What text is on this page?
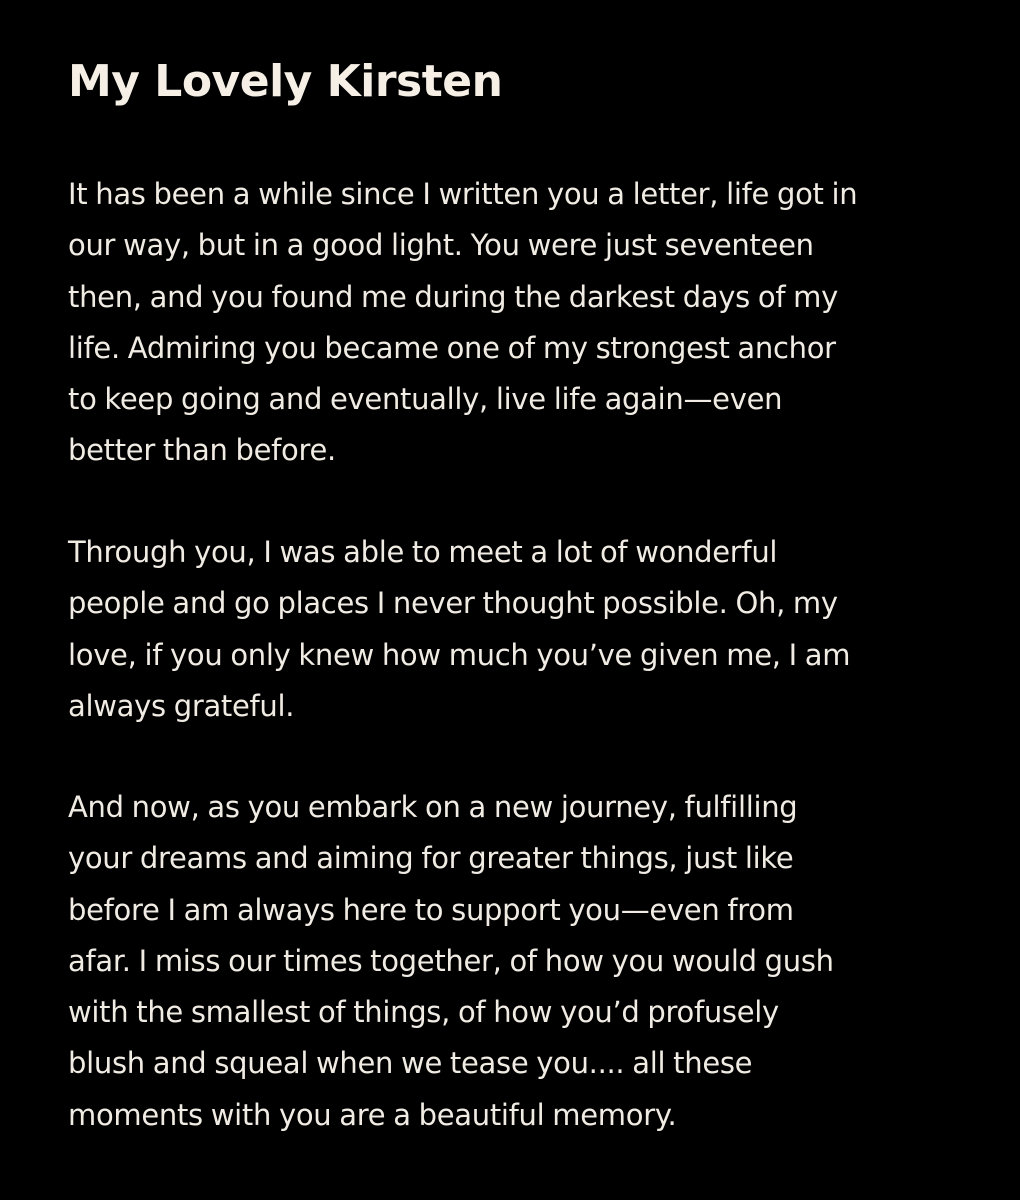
My Lovely Kirsten

It has been a while since I written you a letter, life got in
our way, but in a good light. You were just seventeen
then, and you found me during the darkest days of my
life. Admiring you became one of my strongest anchor
to keep going and eventually, live life again—even
better than before.

Through you, I was able to meet a lot of wonderful
people and go places I never thought possible. Oh, my
love, if you only knew how much you’ve given me, I am
always grateful.

And now, as you embark on a new journey, fulfilling
your dreams and aiming for greater things, just like
before I am always here to support you—even from
afar. I miss our times together, of how you would gush
with the smallest of things, of how you’d profusely
blush and squeal when we tease you.... all these
moments with you are a beautiful memory.
